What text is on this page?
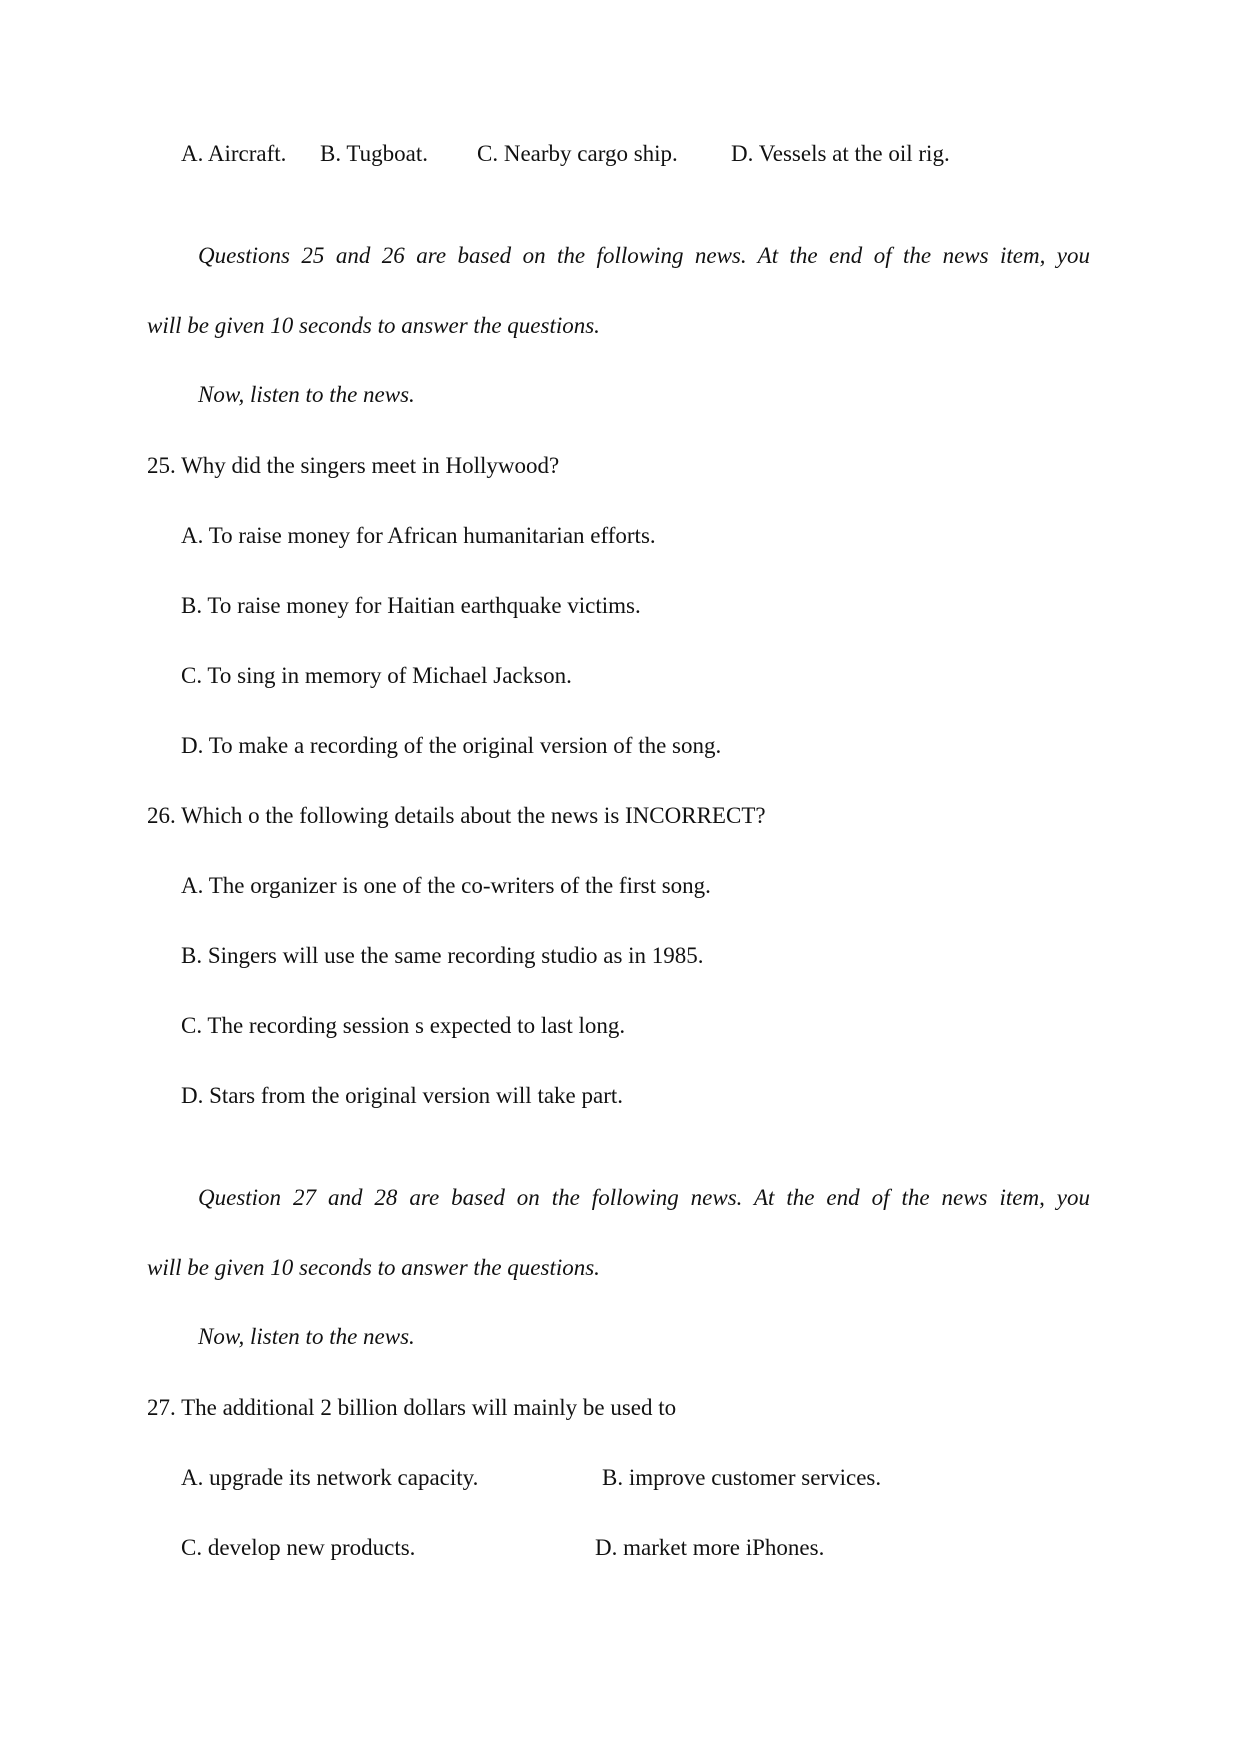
A. Aircraft. B. Tugboat. C. Nearby cargo ship. D. Vessels at the oil rig.
Questions 25 and 26 are based on the following news. At the end of the news item, you
will be given 10 seconds to answer the questions.
Now, listen to the news.
25. Why did the singers meet in Hollywood?
A. To raise money for African humanitarian efforts.
B. To raise money for Haitian earthquake victims.
C. To sing in memory of Michael Jackson.
D. To make a recording of the original version of the song.
26. Which o the following details about the news is INCORRECT?
A. The organizer is one of the co-writers of the first song.
B. Singers will use the same recording studio as in 1985.
C. The recording session s expected to last long.
D. Stars from the original version will take part.
Question 27 and 28 are based on the following news. At the end of the news item, you
will be given 10 seconds to answer the questions.
Now, listen to the news.
27. The additional 2 billion dollars will mainly be used to
A. upgrade its network capacity.	B. improve customer services.
C. develop new products.	D. market more iPhones.
